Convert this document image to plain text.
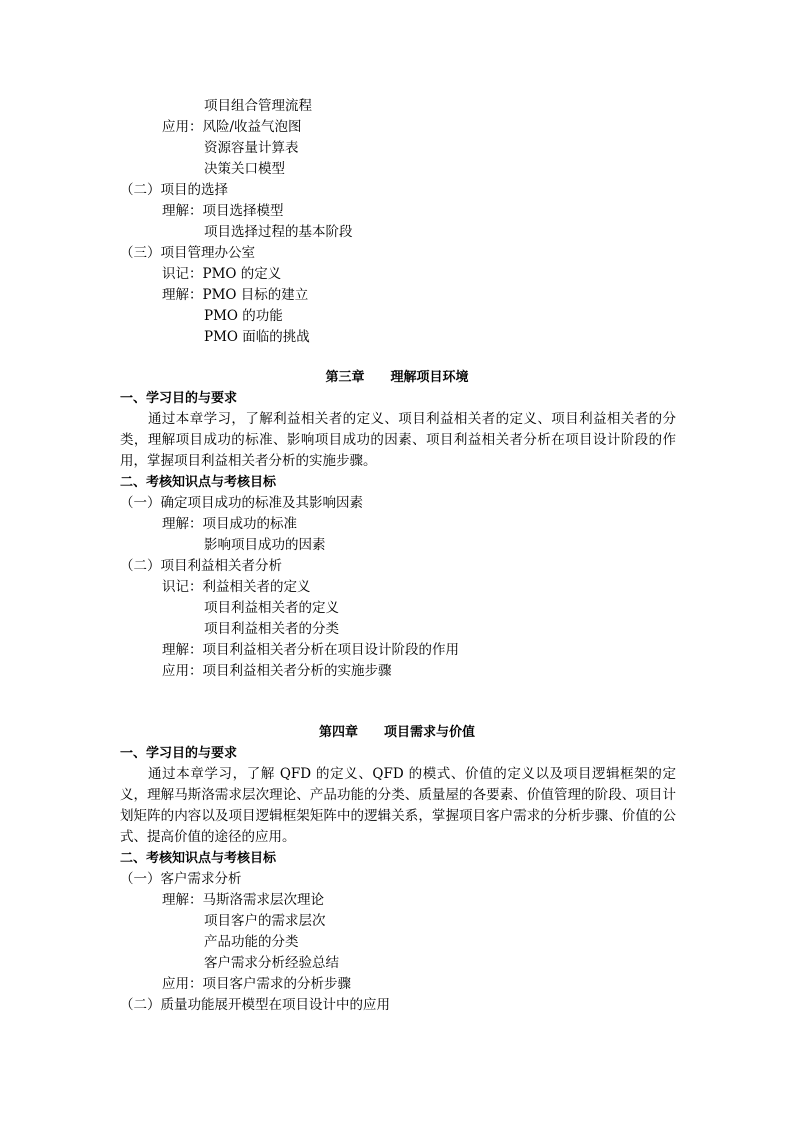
项目组合管理流程
应用：风险/收益气泡图
资源容量计算表
决策关口模型
（二）项目的选择
理解：项目选择模型
项目选择过程的基本阶段
（三）项目管理办公室
识记：PMO 的定义
理解：PMO 目标的建立
PMO 的功能
PMO 面临的挑战
第三章　　理解项目环境
一、学习目的与要求
通过本章学习，了解利益相关者的定义、项目利益相关者的定义、项目利益相关者的分类，理解项目成功的标准、影响项目成功的因素、项目利益相关者分析在项目设计阶段的作用，掌握项目利益相关者分析的实施步骤。
二、考核知识点与考核目标
（一）确定项目成功的标准及其影响因素
理解：项目成功的标准
影响项目成功的因素
（二）项目利益相关者分析
识记：利益相关者的定义
项目利益相关者的定义
项目利益相关者的分类
理解：项目利益相关者分析在项目设计阶段的作用
应用：项目利益相关者分析的实施步骤
第四章　　项目需求与价值
一、学习目的与要求
通过本章学习，了解 QFD 的定义、QFD 的模式、价值的定义以及项目逻辑框架的定义，理解马斯洛需求层次理论、产品功能的分类、质量屋的各要素、价值管理的阶段、项目计划矩阵的内容以及项目逻辑框架矩阵中的逻辑关系，掌握项目客户需求的分析步骤、价值的公式、提高价值的途径的应用。
二、考核知识点与考核目标
（一）客户需求分析
理解：马斯洛需求层次理论
项目客户的需求层次
产品功能的分类
客户需求分析经验总结
应用：项目客户需求的分析步骤
（二）质量功能展开模型在项目设计中的应用
